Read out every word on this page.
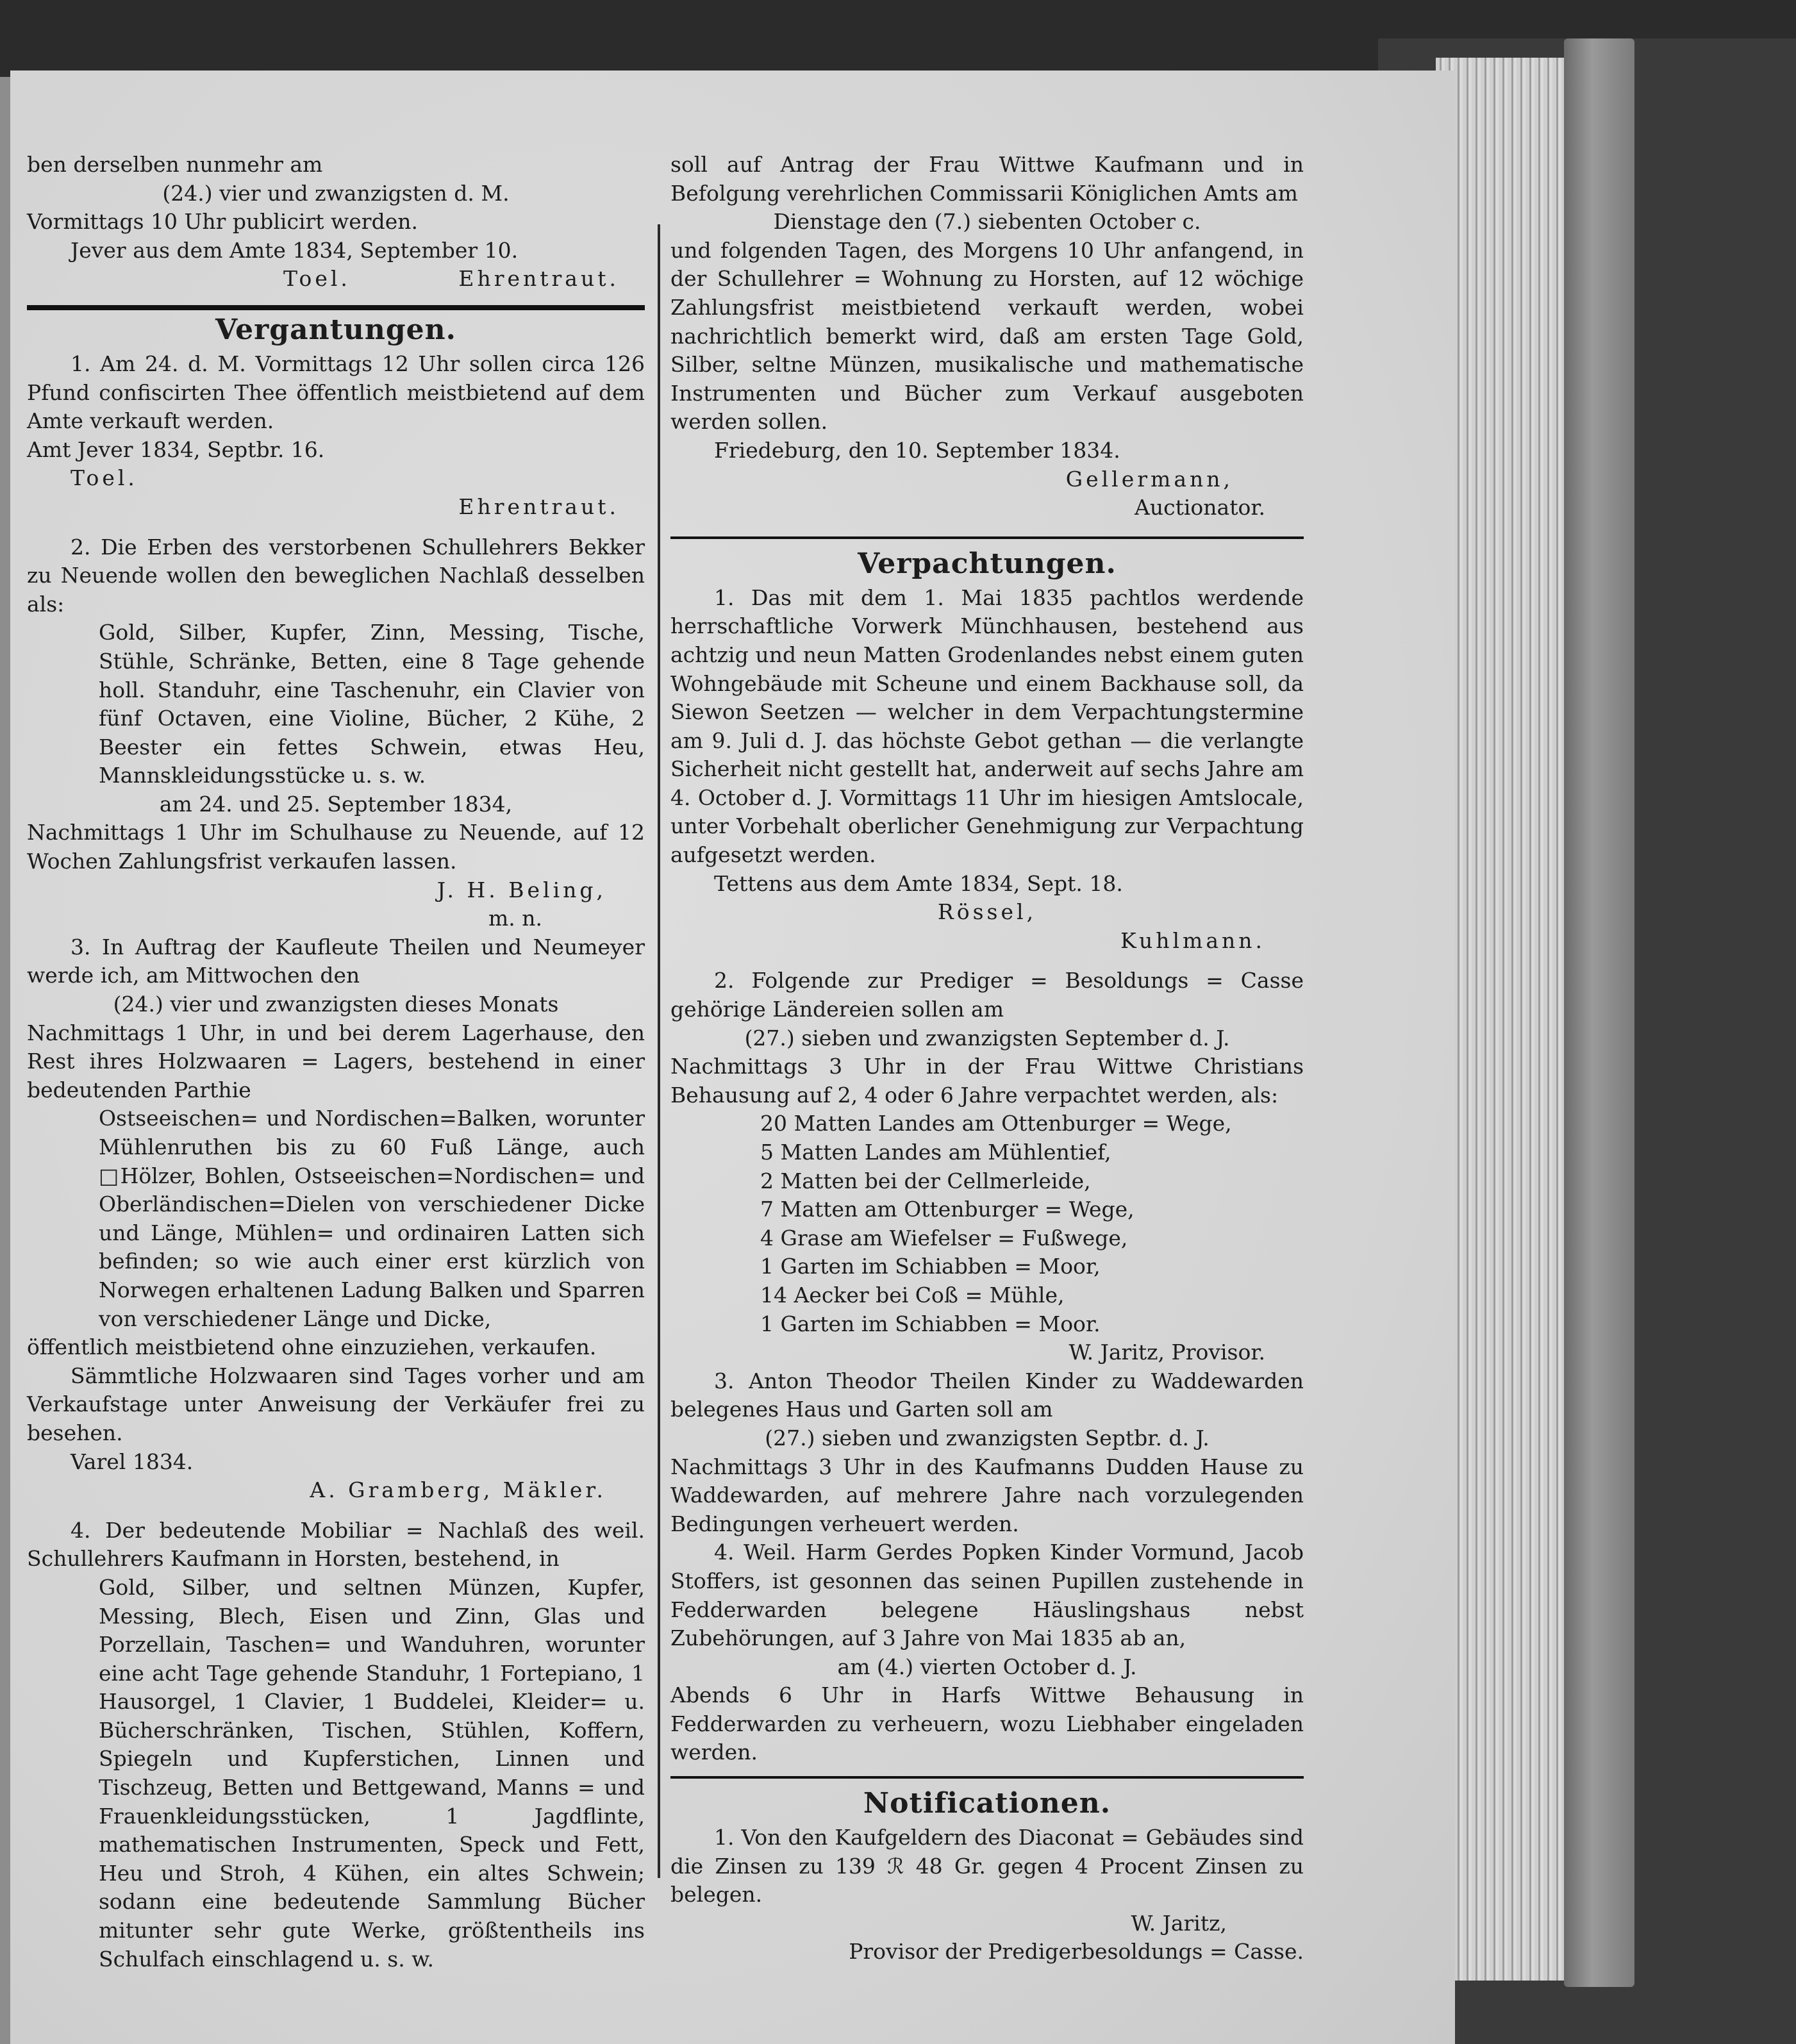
ben derselben nunmehr am

(24.) vier und zwanzigsten d. M.

Vormittags 10 Uhr publicirt werden.

Jever aus dem Amte 1834, September 10.

Toel.	Ehrentraut.
Vergantungen.

1. Am 24. d. M. Vormittags 12 Uhr sollen circa 126 Pfund confiscirten Thee öffentlich meistbietend auf dem Amte verkauft werden.

Amt Jever 1834, Septbr. 16.

Toel.

Ehrentraut.

2. Die Erben des verstorbenen Schullehrers Bekker zu Neuende wollen den beweglichen Nachlaß desselben als:

Gold, Silber, Kupfer, Zinn, Messing, Tische, Stühle, Schränke, Betten, eine 8 Tage gehende holl. Standuhr, eine Taschenuhr, ein Clavier von fünf Octaven, eine Violine, Bücher, 2 Kühe, 2 Beester ein fettes Schwein, etwas Heu, Mannskleidungsstücke u. s. w.

am 24. und 25. September 1834,

Nachmittags 1 Uhr im Schulhause zu Neuende, auf 12 Wochen Zahlungsfrist verkaufen lassen.

J. H. Beling,

m. n.

3. In Auftrag der Kaufleute Theilen und Neumeyer werde ich, am Mittwochen den

(24.) vier und zwanzigsten dieses Monats

Nachmittags 1 Uhr, in und bei derem Lagerhause, den Rest ihres Holzwaaren = Lagers, bestehend in einer bedeutenden Parthie

Ostseeischen= und Nordischen=Balken, worunter Mühlenruthen bis zu 60 Fuß Länge, auch □Hölzer, Bohlen, Ostseeischen=Nordischen= und Oberländischen=Dielen von verschiedener Dicke und Länge, Mühlen= und ordinairen Latten sich befinden; so wie auch einer erst kürzlich von Norwegen erhaltenen Ladung Balken und Sparren von verschiedener Länge und Dicke,

öffentlich meistbietend ohne einzuziehen, verkaufen.

Sämmtliche Holzwaaren sind Tages vorher und am Verkaufstage unter Anweisung der Verkäufer frei zu besehen.

Varel 1834.

A. Gramberg, Mäkler.

4. Der bedeutende Mobiliar = Nachlaß des weil. Schullehrers Kaufmann in Horsten, bestehend, in

Gold, Silber, und seltnen Münzen, Kupfer, Messing, Blech, Eisen und Zinn, Glas und Porzellain, Taschen= und Wanduhren, worunter eine acht Tage gehende Standuhr, 1 Fortepiano, 1 Hausorgel, 1 Clavier, 1 Buddelei, Kleider= u. Bücherschränken, Tischen, Stühlen, Koffern, Spiegeln und Kupferstichen, Linnen und Tischzeug, Betten und Bettgewand, Manns = und Frauenkleidungsstücken, 1 Jagdflinte, mathematischen Instrumenten, Speck und Fett, Heu und Stroh, 4 Kühen, ein altes Schwein; sodann eine bedeutende Sammlung Bücher mitunter sehr gute Werke, größtentheils ins Schulfach einschlagend u. s. w.

soll auf Antrag der Frau Wittwe Kaufmann und in Befolgung verehrlichen Commissarii Königlichen Amts am

Dienstage den (7.) siebenten October c.

und folgenden Tagen, des Morgens 10 Uhr anfangend, in der Schullehrer = Wohnung zu Horsten, auf 12 wöchige Zahlungsfrist meistbietend verkauft werden, wobei nachrichtlich bemerkt wird, daß am ersten Tage Gold, Silber, seltne Münzen, musikalische und mathematische Instrumenten und Bücher zum Verkauf ausgeboten werden sollen.

Friedeburg, den 10. September 1834.

Gellermann,

Auctionator.

Verpachtungen.

1. Das mit dem 1. Mai 1835 pachtlos werdende herrschaftliche Vorwerk Münchhausen, bestehend aus achtzig und neun Matten Grodenlandes nebst einem guten Wohngebäude mit Scheune und einem Backhause soll, da Siewon Seetzen — welcher in dem Verpachtungstermine am 9. Juli d. J. das höchste Gebot gethan — die verlangte Sicherheit nicht gestellt hat, anderweit auf sechs Jahre am 4. October d. J. Vormittags 11 Uhr im hiesigen Amtslocale, unter Vorbehalt oberlicher Genehmigung zur Verpachtung aufgesetzt werden.

Tettens aus dem Amte 1834, Sept. 18.

Rössel,

Kuhlmann.

2. Folgende zur Prediger = Besoldungs = Casse gehörige Ländereien sollen am

(27.) sieben und zwanzigsten September d. J.

Nachmittags 3 Uhr in der Frau Wittwe Christians Behausung auf 2, 4 oder 6 Jahre verpachtet werden, als:

20 Matten Landes am Ottenburger = Wege,

5 Matten Landes am Mühlentief,

2 Matten bei der Cellmerleide,

7 Matten am Ottenburger = Wege,

4 Grase am Wiefelser = Fußwege,

1 Garten im Schiabben = Moor,

14 Aecker bei Coß = Mühle,

1 Garten im Schiabben = Moor.

W. Jaritz, Provisor.

3. Anton Theodor Theilen Kinder zu Waddewarden belegenes Haus und Garten soll am

(27.) sieben und zwanzigsten Septbr. d. J.

Nachmittags 3 Uhr in des Kaufmanns Dudden Hause zu Waddewarden, auf mehrere Jahre nach vorzulegenden Bedingungen verheuert werden.

4. Weil. Harm Gerdes Popken Kinder Vormund, Jacob Stoffers, ist gesonnen das seinen Pupillen zustehende in Fedderwarden belegene Häuslingshaus nebst Zubehörungen, auf 3 Jahre von Mai 1835 ab an,

am (4.) vierten October d. J.

Abends 6 Uhr in Harfs Wittwe Behausung in Fedderwarden zu verheuern, wozu Liebhaber eingeladen werden.

Notificationen.

1. Von den Kaufgeldern des Diaconat = Gebäudes sind die Zinsen zu 139 ℛ 48 Gr. gegen 4 Procent Zinsen zu belegen.

W. Jaritz,

Provisor der Predigerbesoldungs = Casse.
